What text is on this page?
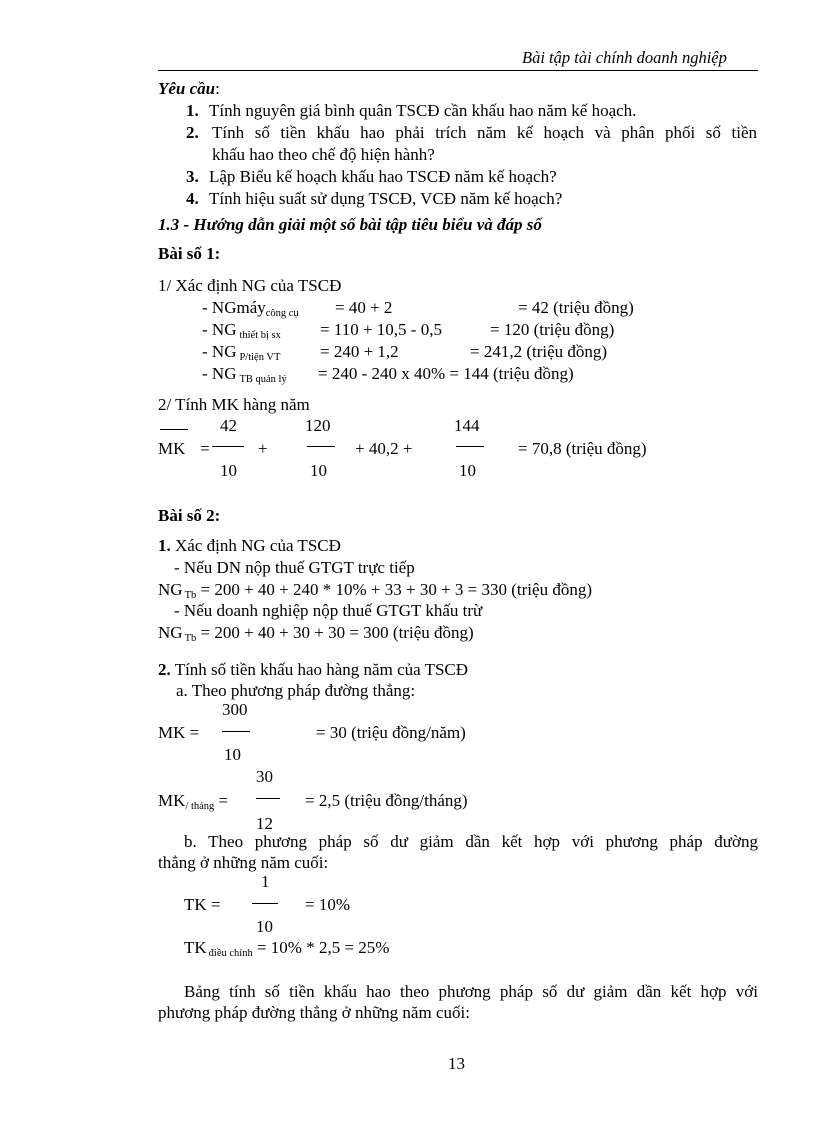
Bài tập tài chính doanh nghiệp
Yêu cầu:
1. Tính nguyên giá bình quân TSCĐ cần khấu hao năm kế hoạch.
2. Tính số tiền khấu hao phải trích năm kế hoạch và phân phối số tiền
khấu hao theo chế độ hiện hành?
3. Lập Biểu kế hoạch khấu hao TSCĐ năm kế hoạch?
4. Tính hiệu suất sử dụng TSCĐ, VCĐ năm kế hoạch?
1.3 - Hướng dẫn giải một số bài tập tiêu biểu và đáp số
Bài số 1:
1/ Xác định NG của TSCĐ
- NGmáycông cụ = 40 + 2	= 42 (triệu đồng)
- NG thiết bị sx = 110 + 10,5 - 0,5	= 120 (triệu đồng)
- NG P/tiện VT = 240 + 1,2	= 241,2 (triệu đồng)
- NG TB quản lý = 240 - 240 x 40% = 144 (triệu đồng)
2/ Tính MK hàng năm
MK =
42
10
+
120
10
+ 40,2 +
144
10
= 70,8 (triệu đồng)
Bài số 2:
1. Xác định NG của TSCĐ
- Nếu DN nộp thuế GTGT trực tiếp
NG Tb = 200 + 40 + 240 * 10% + 33 + 30 + 3 = 330 (triệu đồng)
- Nếu doanh nghiệp nộp thuế GTGT khấu trừ
NG Tb = 200 + 40 + 30 + 30 = 300 (triệu đồng)
2. Tính số tiền khấu hao hàng năm của TSCĐ
a. Theo phương pháp đường thẳng:
MK =
300
10
= 30 (triệu đồng/năm)
MK/ tháng =
30
12
= 2,5 (triệu đồng/tháng)
b. Theo phương pháp số dư giảm dần kết hợp với phương pháp đường
thẳng ở những năm cuối:
TK =
1
10
= 10%
TK điều chỉnh = 10% * 2,5 = 25%
Bảng tính số tiền khấu hao theo phương pháp số dư giảm dần kết hợp với
phương pháp đường thẳng ở những năm cuối:
13
